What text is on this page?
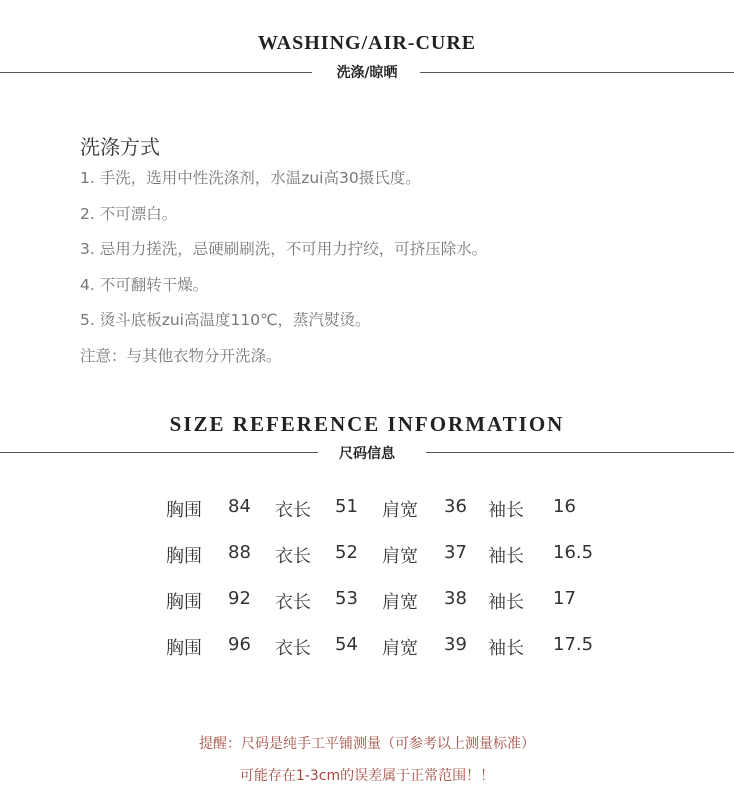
WASHING/AIR-CURE
洗涤/晾晒
洗涤方式
1. 手洗，选用中性洗涤剂，水温zui高30摄氏度。
2. 不可漂白。
3. 忌用力搓洗，忌硬刷刷洗，不可用力拧绞，可挤压除水。
4. 不可翻转干燥。
5. 烫斗底板zui高温度110℃，蒸汽熨烫。
注意：与其他衣物分开洗涤。
SIZE REFERENCE INFORMATION
尺码信息
胸围 84 衣长 51 肩宽 36 袖长 16
胸围 88 衣长 52 肩宽 37 袖长 16.5
胸围 92 衣长 53 肩宽 38 袖长 17
胸围 96 衣长 54 肩宽 39 袖长 17.5
提醒：尺码是纯手工平铺测量（可参考以上测量标准）
可能存在1-3cm的误差属于正常范围！！
